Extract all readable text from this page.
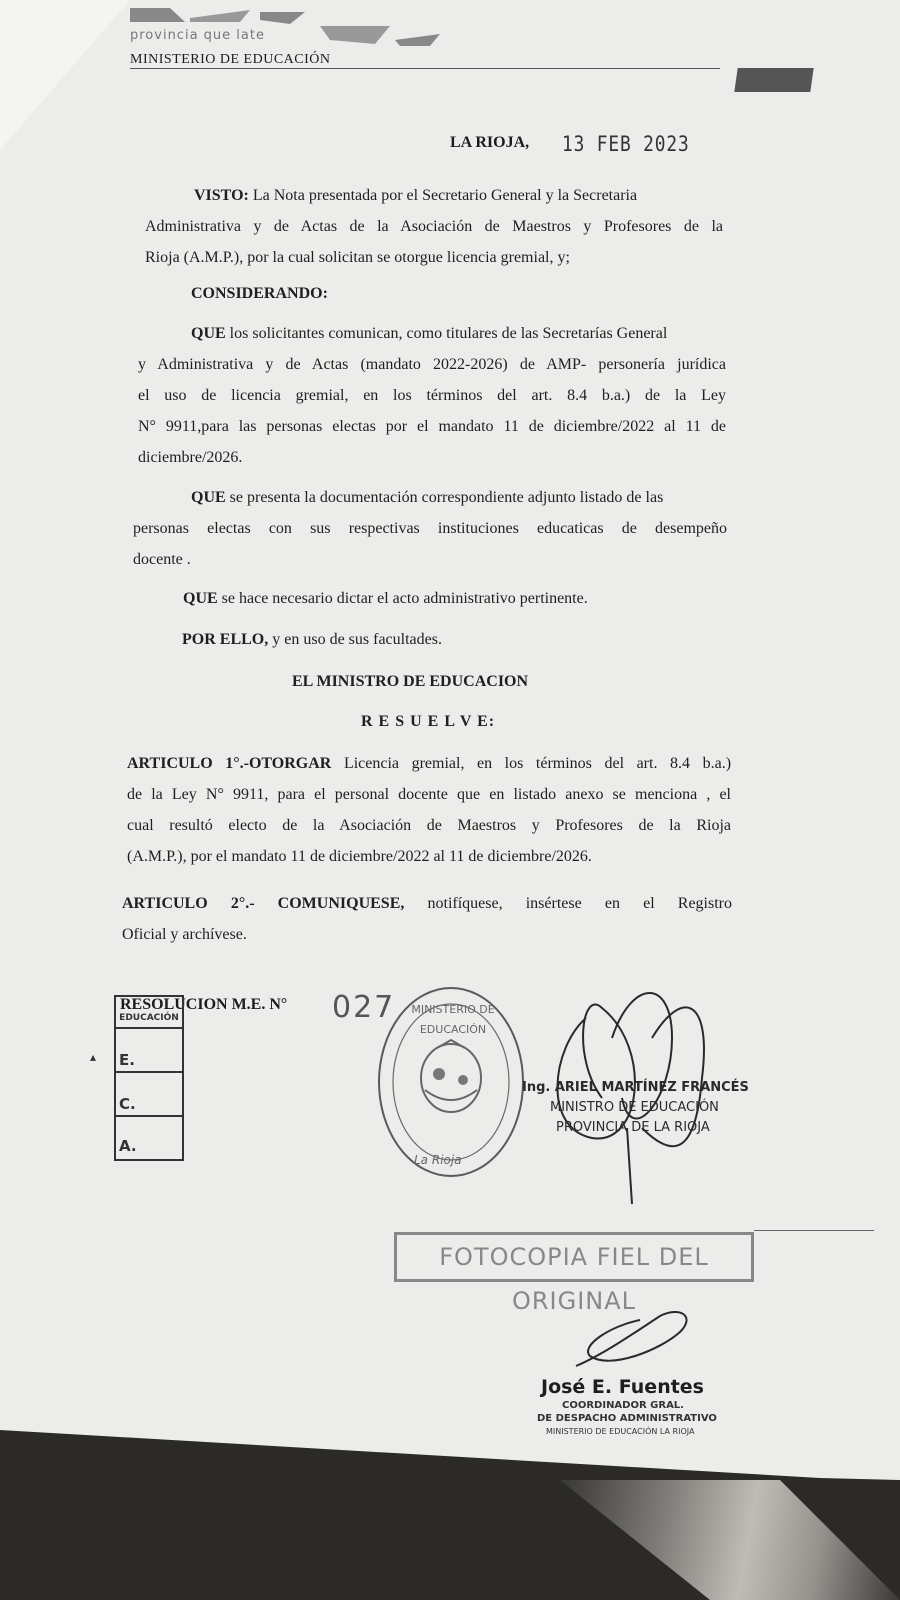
provincia que late
MINISTERIO DE EDUCACIÓN
LA RIOJA, 13 FEB 2023
VISTO: La Nota presentada por el Secretario General y la Secretaria
Administrativa y de Actas de la Asociación de Maestros y Profesores de la
Rioja (A.M.P.), por la cual solicitan se otorgue licencia gremial, y;
CONSIDERANDO:
QUE los solicitantes comunican, como titulares de las Secretarías General
y Administrativa y de Actas (mandato 2022-2026) de AMP- personería jurídica
el uso de licencia gremial, en los términos del art. 8.4 b.a.) de la Ley
N° 9911,para las personas electas por el mandato 11 de diciembre/2022 al 11 de
diciembre/2026.
QUE se presenta la documentación correspondiente adjunto listado de las
personas electas con sus respectivas instituciones educaticas de desempeño
docente .
QUE se hace necesario dictar el acto administrativo pertinente.
POR ELLO, y en uso de sus facultades.
EL MINISTRO DE EDUCACION
R E S U E L V E:
ARTICULO 1°.-OTORGAR Licencia gremial, en los términos del art. 8.4 b.a.)
de la Ley N° 9911, para el personal docente que en listado anexo se menciona , el
cual resultó electo de la Asociación de Maestros y Profesores de la Rioja
(A.M.P.), por el mandato 11 de diciembre/2022 al 11 de diciembre/2026.
ARTICULO 2°.- COMUNIQUESE, notifíquese, insértese en el Registro
Oficial y archívese.
RESOLUCION M.E. N° 027
EDUCACIÓN
E.
C.
A.
▴
MINISTERIO DE EDUCACIÓN
La Rioja
Ing. ARIEL MARTÍNEZ FRANCÉS
MINISTRO DE EDUCACIÓN
PROVINCIA DE LA RIOJA
FOTOCOPIA FIEL DEL ORIGINAL
José E. Fuentes
COORDINADOR GRAL.
DE DESPACHO ADMINISTRATIVO
MINISTERIO DE EDUCACIÓN LA RIOJA
